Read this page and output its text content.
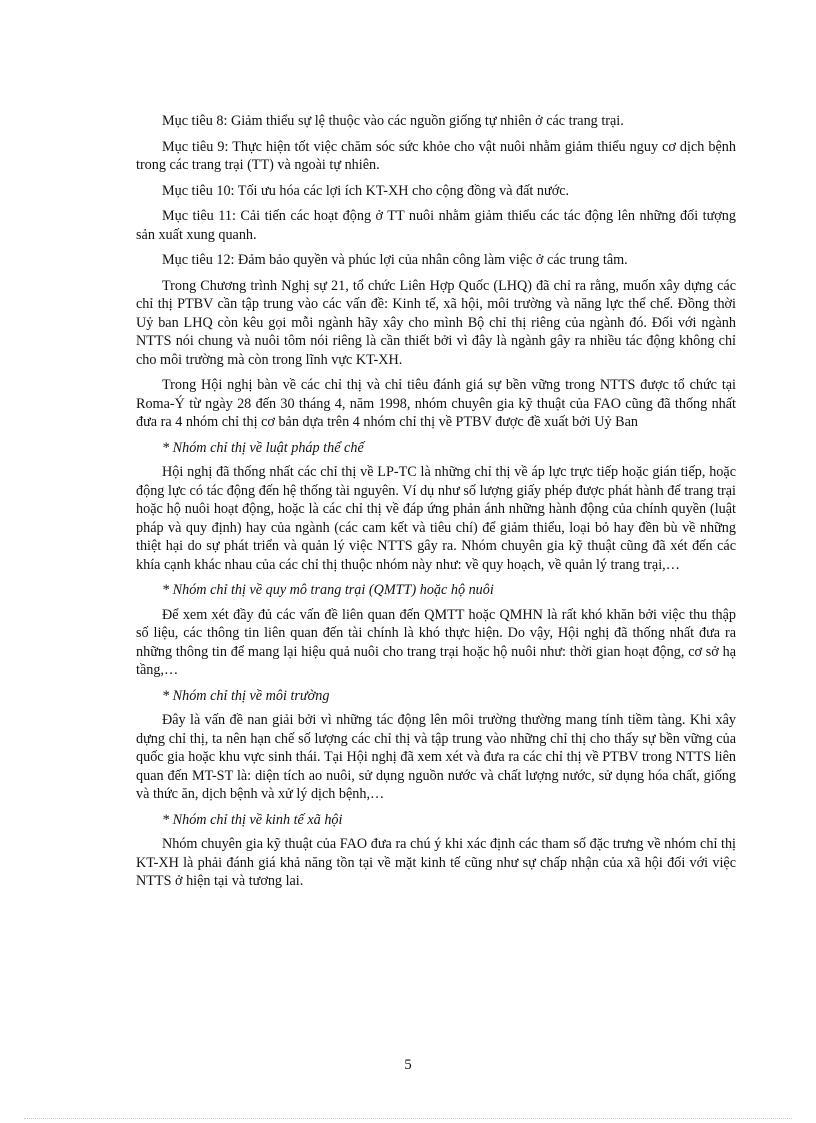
Mục tiêu 8: Giảm thiểu sự lệ thuộc vào các nguồn giống tự nhiên ở các trang trại.

Mục tiêu 9: Thực hiện tốt việc chăm sóc sức khỏe cho vật nuôi nhằm giảm thiểu nguy cơ dịch bệnh trong các trang trại (TT) và ngoài tự nhiên.

Mục tiêu 10: Tối ưu hóa các lợi ích KT-XH cho cộng đồng và đất nước.

Mục tiêu 11: Cải tiến các hoạt động ở TT nuôi nhằm giảm thiểu các tác động lên những đối tượng sản xuất xung quanh.

Mục tiêu 12: Đảm bảo quyền và phúc lợi của nhân công làm việc ở các trung tâm.

Trong Chương trình Nghị sự 21, tổ chức Liên Hợp Quốc (LHQ) đã chỉ ra rằng, muốn xây dựng các chỉ thị PTBV cần tập trung vào các vấn đề: Kinh tế, xã hội, môi trường và năng lực thể chế. Đồng thời Uỷ ban LHQ còn kêu gọi mỗi ngành hãy xây cho mình Bộ chỉ thị riêng của ngành đó. Đối với ngành NTTS nói chung và nuôi tôm nói riêng là cần thiết bởi vì đây là ngành gây ra nhiều tác động không chỉ cho môi trường mà còn trong lĩnh vực KT-XH.

Trong Hội nghị bàn về các chỉ thị và chỉ tiêu đánh giá sự bền vững trong NTTS được tổ chức tại Roma-Ý từ ngày 28 đến 30 tháng 4, năm 1998, nhóm chuyên gia kỹ thuật của FAO cũng đã thống nhất đưa ra 4 nhóm chỉ thị cơ bản dựa trên 4 nhóm chỉ thị về PTBV được đề xuất bởi Uỷ Ban

* Nhóm chỉ thị về luật pháp thể chế

Hội nghị đã thống nhất các chỉ thị về LP-TC là những chỉ thị về áp lực trực tiếp hoặc gián tiếp, hoặc động lực có tác động đến hệ thống tài nguyên. Ví dụ như số lượng giấy phép được phát hành để trang trại hoặc hộ nuôi hoạt động, hoặc là các chỉ thị về đáp ứng phản ánh những hành động của chính quyền (luật pháp và quy định) hay của ngành (các cam kết và tiêu chí) để giảm thiểu, loại bỏ hay đền bù về những thiệt hại do sự phát triển và quản lý việc NTTS gây ra. Nhóm chuyên gia kỹ thuật cũng đã xét đến các khía cạnh khác nhau của các chỉ thị thuộc nhóm này như: về quy hoạch, về quản lý trang trại,…

* Nhóm chỉ thị về quy mô trang trại (QMTT) hoặc hộ nuôi

Để xem xét đầy đủ các vấn đề liên quan đến QMTT hoặc QMHN là rất khó khăn bởi việc thu thập số liệu, các thông tin liên quan đến tài chính là khó thực hiện. Do vậy, Hội nghị đã thống nhất đưa ra những thông tin để mang lại hiệu quả nuôi cho trang trại hoặc hộ nuôi như: thời gian hoạt động, cơ sở hạ tầng,…

* Nhóm chỉ thị về môi trường

Đây là vấn đề nan giải bởi vì những tác động lên môi trường thường mang tính tiềm tàng. Khi xây dựng chỉ thị, ta nên hạn chế số lượng các chỉ thị và tập trung vào những chỉ thị cho thấy sự bền vững của quốc gia hoặc khu vực sinh thái. Tại Hội nghị đã xem xét và đưa ra các chỉ thị về PTBV trong NTTS liên quan đến MT-ST là: diện tích ao nuôi, sử dụng nguồn nước và chất lượng nước, sử dụng hóa chất, giống và thức ăn, dịch bệnh và xử lý dịch bệnh,…

* Nhóm chỉ thị về kinh tế xã hội

Nhóm chuyên gia kỹ thuật của FAO đưa ra chú ý khi xác định các tham số đặc trưng về nhóm chỉ thị KT-XH là phải đánh giá khả năng tồn tại về mặt kinh tế cũng như sự chấp nhận của xã hội đối với việc NTTS ở hiện tại và tương lai.

5
